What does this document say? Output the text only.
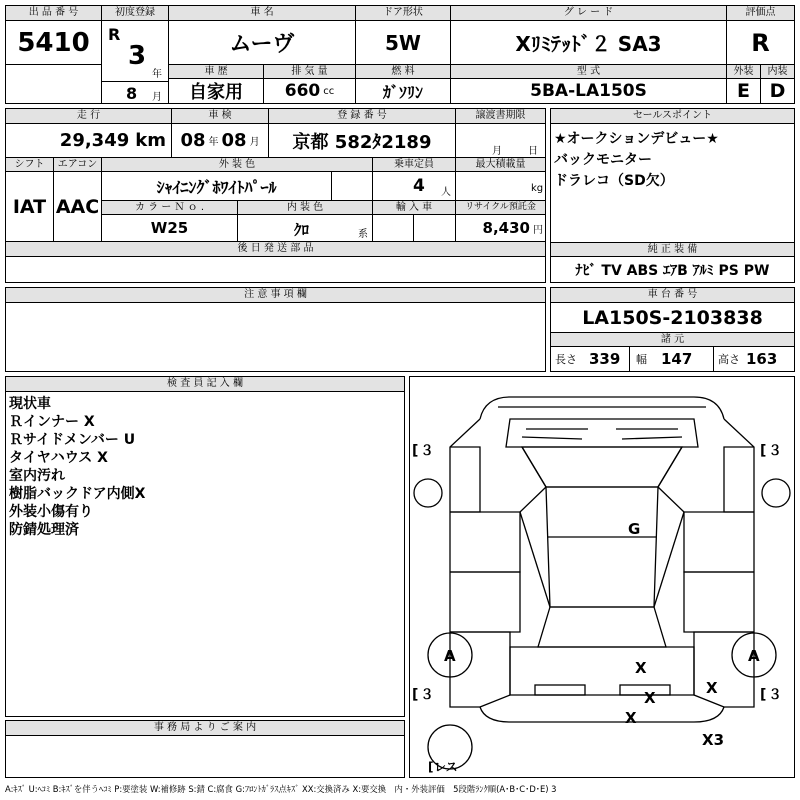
出 品 番 号
5410
初度登録
R
3
年
8 月
車 名
ムーヴ
ドア形状
5W
グ レ ー ド
Xﾘﾐﾃｯﾄﾞ２ SA3
評価点
R
車 歴	排 気 量	燃 料	型 式	外装	内装
自家用	660 cc	ｶﾞｿﾘﾝ	5BA-LA150S	E	D
走 行	車 検	登 録 番 号	譲渡書期限
29,349 km 08 年 08 月	京都 582ﾀ2189	月	日
シフト	エアコン	外 装 色	乗車定員	最大積載量
IAT AAC
ｼｬｲﾆﾝｸﾞﾎﾜｲﾄﾊﾟｰﾙ	4 人	kg
カ ラ ー Ｎ ｏ .	内 装 色	輸 入 車	リサイクル預託金
W25	ｸﾛ	系	8,430 円
後 日 発 送 部 品
セールスポイント
★オークションデビュー★
バックモニター
ドラレコ（SD欠）
純 正 装 備
ﾅﾋﾞ TV ABS ｴｱB ｱﾙﾐ PS PW
注 意 事 項 欄	車 台 番 号
LA150S-2103838
諸 元
長さ 339 幅 147 高さ 163
検 査 員 記 入 欄
現状車
Ｒインナー X
Ｒサイドメンバー U
タイヤハウス X
室内汚れ
樹脂バックドア内側X
外装小傷有り
防錆処理済
事 務 局 よ り ご 案 内
[ ３	[ ３
[ ３	[ ３
G
A	A
X
X
X
X
X3
[ レス
A:ｷｽﾞ U:ﾍｺﾐ B:ｷｽﾞを伴うﾍｺﾐ P:要塗装 W:補修跡 S:錆 C:腐食 G:ﾌﾛﾝﾄｶﾞﾗｽ点ｷｽﾞ XX:交換済み X:要交換　内・外装評価　5段階ﾗﾝｸ順(A･B･C･D･E) 3
